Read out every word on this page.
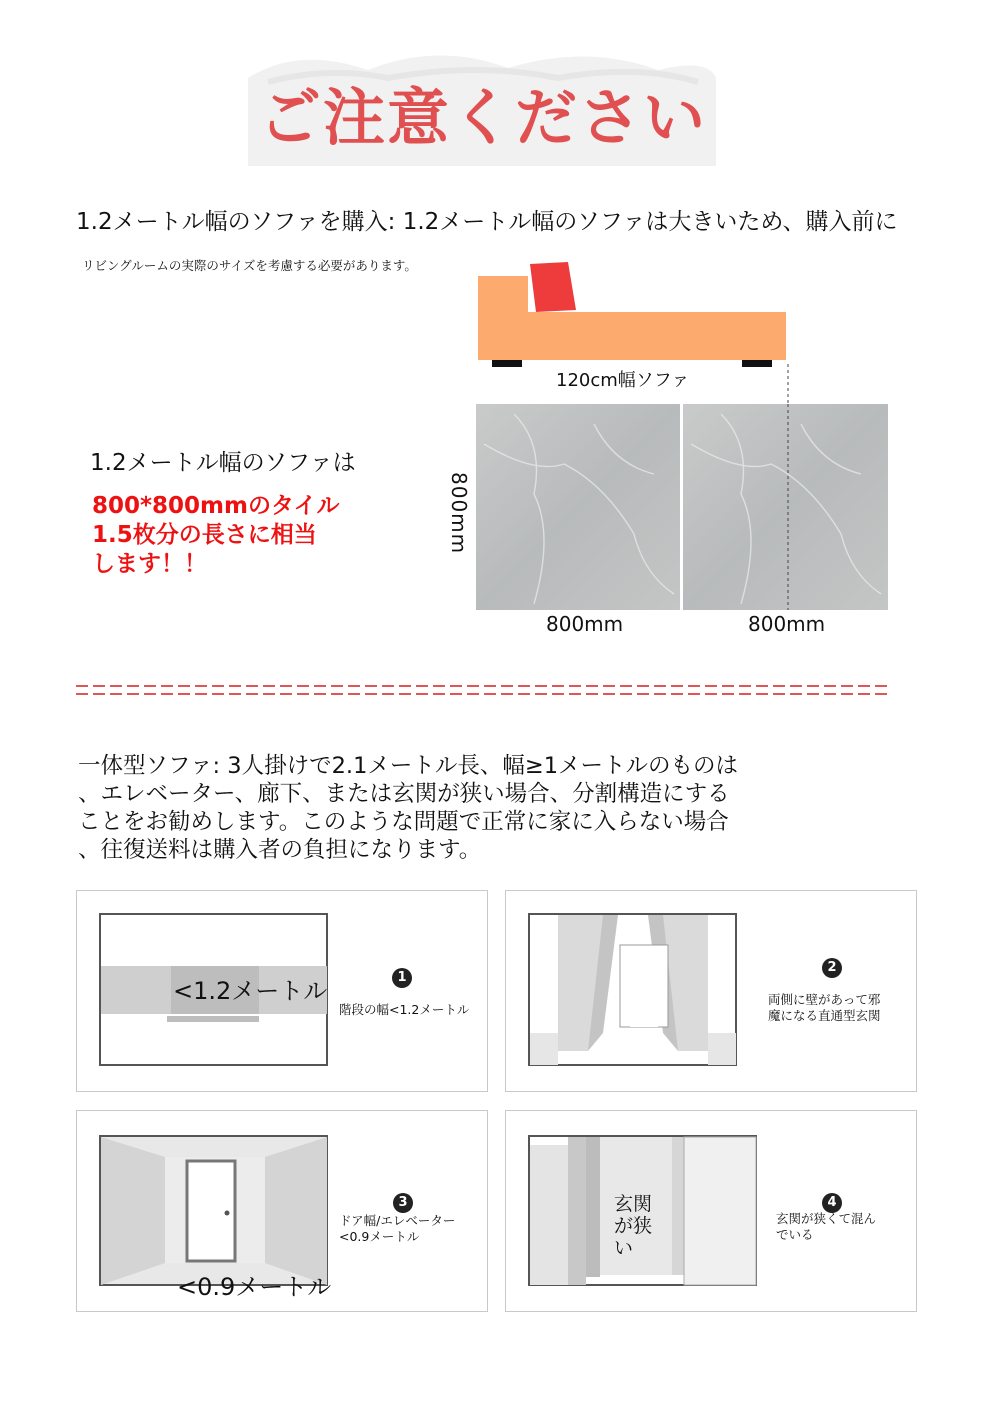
ご注意ください
1.2メートル幅のソファを購入: 1.2メートル幅のソファは大きいため、購入前に
リビングルームの実際のサイズを考慮する必要があります。
120cm幅ソファ
1.2メートル幅のソファは
800*800mmのタイル
1.5枚分の長さに相当
します！！
800mm
800mm	800mm
一体型ソファ: 3人掛けで2.1メートル長、幅≥1メートルのものは
、エレベーター、廊下、または玄関が狭い場合、分割構造にする
ことをお勧めします。このような問題で正常に家に入らない場合
、往復送料は購入者の負担になります。
<1.2メートル	1
階段の幅<1.2メートル
2
両側に壁があって邪
魔になる直通型玄関
<0.9メートル
3
ドア幅/エレベーター
<0.9メートル
玄関
が狭
い
4
玄関が狭くて混ん
でいる
